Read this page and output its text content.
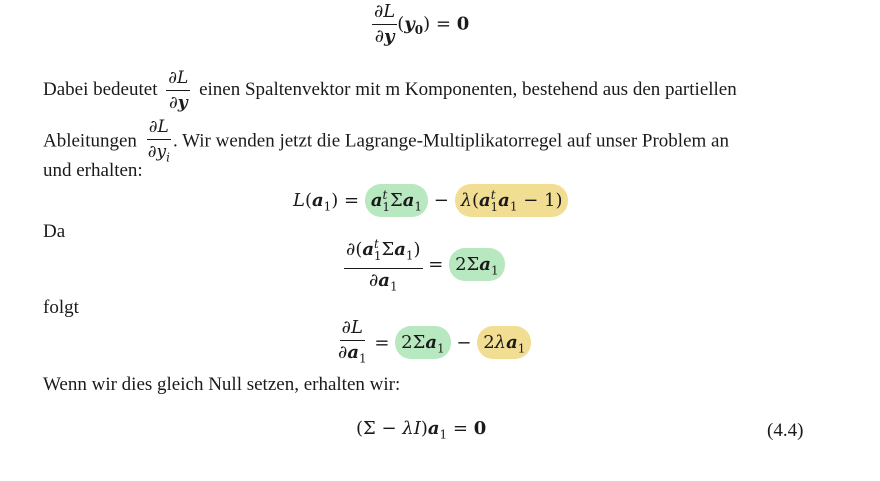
$\frac{\partial L}{\partial y} (y_0) = 0$
Dabei bedeutet $\frac{\partial L}{\partial y}$ einen Spaltenvektor mit m Komponenten, bestehend aus den partiellen
Ableitungen $\frac{\partial L}{\partial y_i}$ . Wir wenden jetzt die Lagrange-Multiplikatorregel auf unser Problem an
und erhalten:
$L(a_1) = a^t_1\Sigma a_1 - \lambda(a^t_1a_1 - 1)$
Da
$\frac{\partial(a^t_1\Sigma a_1)}{\partial a_1} = 2\Sigma a_1$
folgt
$\frac{\partial L}{\partial a_1} = 2\Sigma a_1 - 2\lambda a_1$
Wenn wir dies gleich Null setzen, erhalten wir:
$(\Sigma - \lambda I)a_1 = 0$	(4.4)
